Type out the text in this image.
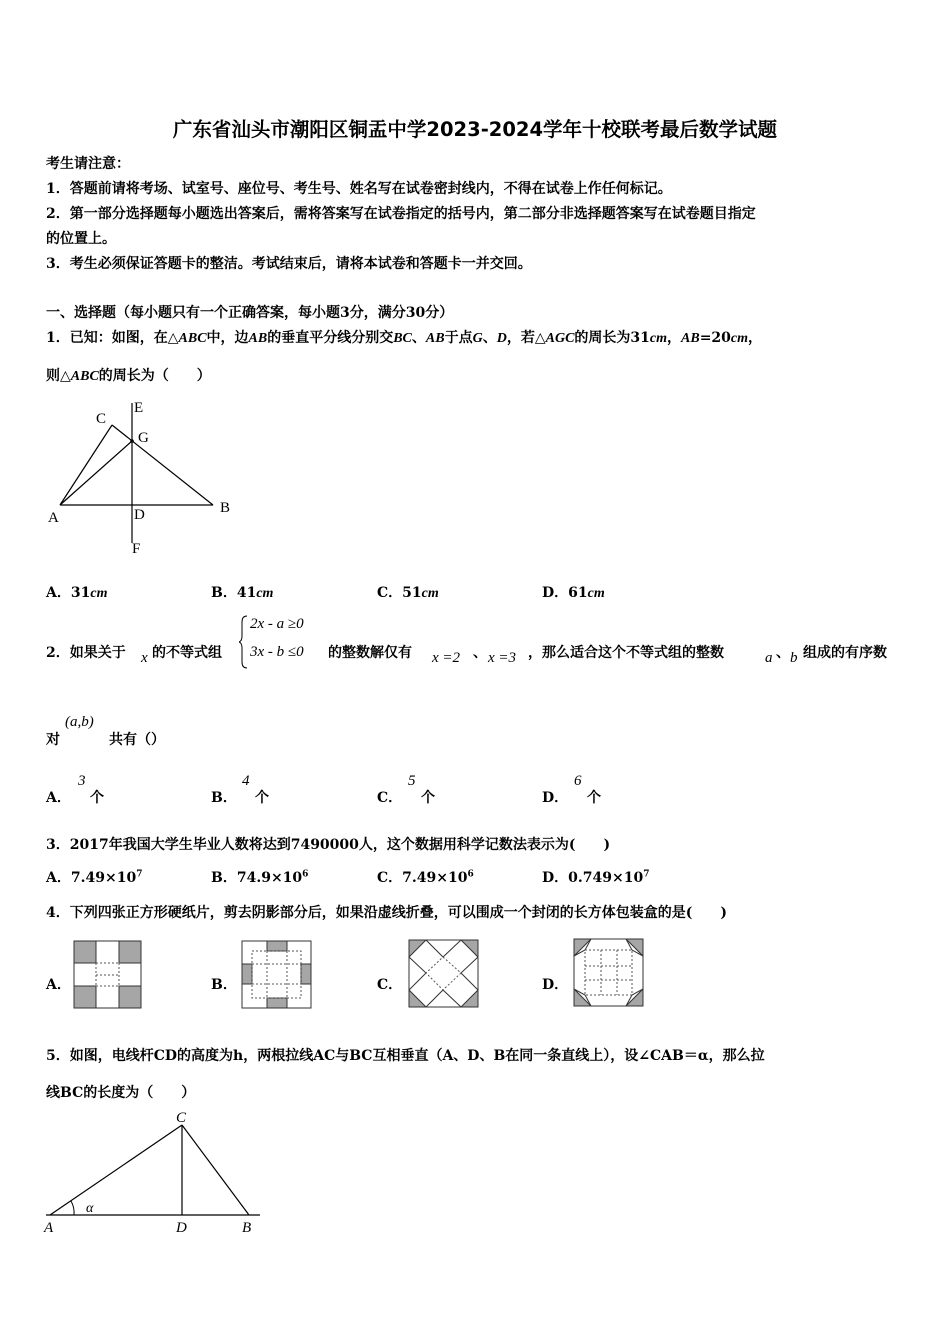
广东省汕头市潮阳区铜盂中学2023-2024学年十校联考最后数学试题
考生请注意：
1．答题前请将考场、试室号、座位号、考生号、姓名写在试卷密封线内，不得在试卷上作任何标记。
2．第一部分选择题每小题选出答案后，需将答案写在试卷指定的括号内，第二部分非选择题答案写在试卷题目指定
的位置上。
3．考生必须保证答题卡的整洁。考试结束后，请将本试卷和答题卡一并交回。
一、选择题（每小题只有一个正确答案，每小题3分，满分30分）
1．已知：如图，在△ABC中，边AB的垂直平分线分别交BC、AB于点G、D，若△AGC的周长为31cm，AB=20cm，
则△ABC的周长为（　　）
C
E
G
A	D	B
F
A．31cm	B．41cm	C．51cm	D．61cm
2．如果关于 x 的不等式组
2x - a ≥0
3x - b ≤0 的整数解仅有 x =2 、 x =3 ，那么适合这个不等式组的整数	a 、 b 组成的有序数
对
(a,b)
共有（）
A．
3
个	B．
4
个	C．
5
个	D．
6
个
3．2017年我国大学生毕业人数将达到7490000人，这个数据用科学记数法表示为(　　)
A．$7.49\times 10^7$	B．$74.9\times 10^6$	C．$7.49\times 10^6$	D．$0.749\times 10^7$
4．下列四张正方形硬纸片，剪去阴影部分后，如果沿虚线折叠，可以围成一个封闭的长方体包装盒的是(　　)
A．	B．	C．	D．
5．如图，电线杆CD的高度为h，两根拉线AC与BC互相垂直（A、D、B在同一条直线上），设∠CAB＝α，那么拉
线BC的长度为（　　）
C
A	D	B
α
